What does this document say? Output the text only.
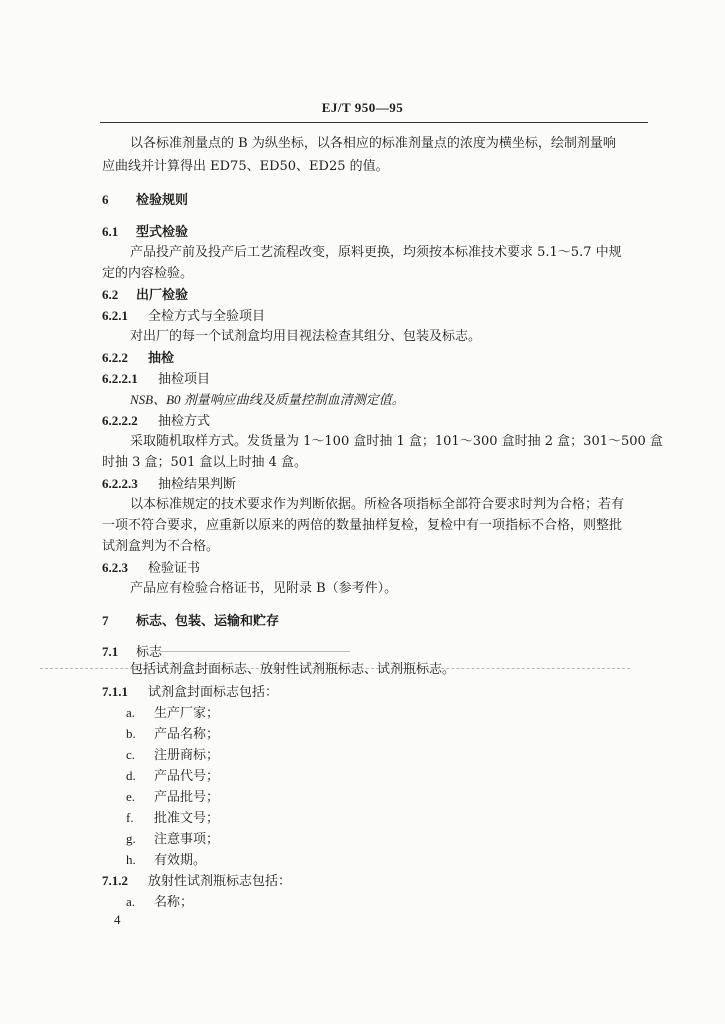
EJ/T 950—95
以各标准剂量点的 B 为纵坐标，以各相应的标准剂量点的浓度为横坐标，绘制剂量响
应曲线并计算得出 ED75、ED50、ED25 的值。
6 检验规则
6.1 型式检验
产品投产前及投产后工艺流程改变，原料更换，均须按本标准技术要求 5.1～5.7 中规
定的内容检验。
6.2 出厂检验
6.2.1 全检方式与全验项目
对出厂的每一个试剂盒均用目视法检查其组分、包装及标志。
6.2.2 抽检
6.2.2.1 抽检项目
NSB、B0 剂量响应曲线及质量控制血清测定值。
6.2.2.2 抽检方式
采取随机取样方式。发货量为 1～100 盒时抽 1 盒；101～300 盒时抽 2 盒；301～500 盒
时抽 3 盒；501 盒以上时抽 4 盒。
6.2.2.3 抽检结果判断
以本标准规定的技术要求作为判断依据。所检各项指标全部符合要求时判为合格；若有
一项不符合要求，应重新以原来的两倍的数量抽样复检，复检中有一项指标不合格，则整批
试剂盒判为不合格。
6.2.3 检验证书
产品应有检验合格证书，见附录 B（参考件）。
7 标志、包装、运输和贮存
7.1 标志
包括试剂盒封面标志、放射性试剂瓶标志、试剂瓶标志。
7.1.1 试剂盒封面标志包括：
a. 生产厂家；
b. 产品名称；
c. 注册商标；
d. 产品代号；
e. 产品批号；
f. 批准文号；
g. 注意事项；
h. 有效期。
7.1.2 放射性试剂瓶标志包括：
a. 名称；
4
